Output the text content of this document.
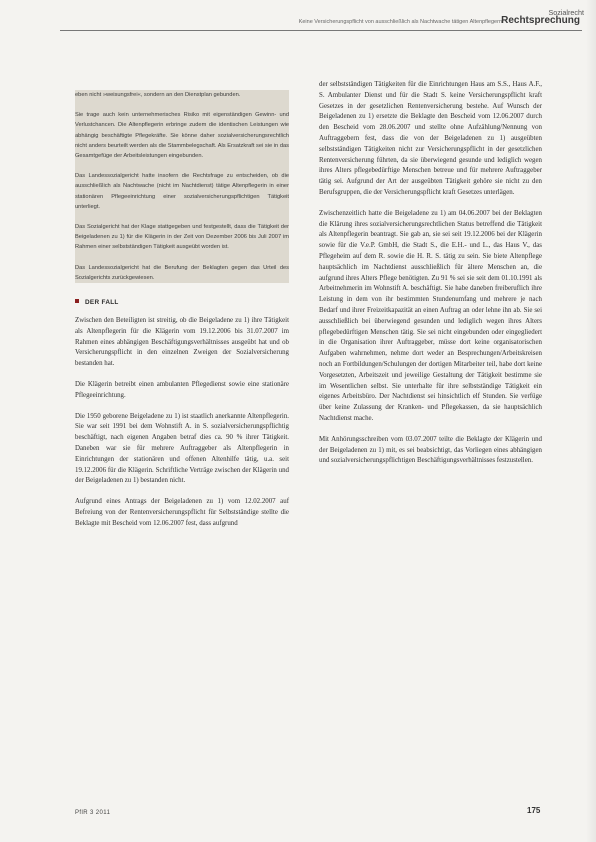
Sozialrecht
Keine Versicherungspflicht von ausschließlich als Nachtwache tätigen Altenpflegern Rechtsprechung

eben nicht »weisungsfrei«, sondern an den Dienstplan gebunden.

Sie trage auch kein unternehmerisches Risiko mit eigenständigen Gewinn- und Verlustchancen. Die Altenpflegerin erbringe zudem die identischen Leistungen wie abhängig beschäftigte Pflegekräfte. Sie könne daher sozialversicherungsrechtlich nicht anders beurteilt werden als die Stammbelegschaft. Als Ersatzkraft sei sie in das Gesamtgefüge der Arbeitsleistungen eingebunden.

Das Landessozialgericht hatte insofern die Rechtsfrage zu entscheiden, ob die ausschließlich als Nachtwache (nicht im Nachtdienst) tätige Altenpflegerin in einer stationären Pflegeeinrichtung einer sozialversicherungspflichtigen Tätigkeit unterliegt.

Das Sozialgericht hat der Klage stattgegeben und festgestellt, dass die Tätigkeit der Beigeladenen zu 1) für die Klägerin in der Zeit von Dezember 2006 bis Juli 2007 im Rahmen einer selbstständigen Tätigkeit ausgeübt worden ist.

Das Landessozialgericht hat die Berufung der Beklagten gegen das Urteil des Sozialgerichts zurückgewiesen.

DER FALL

Zwischen den Beteiligten ist streitig, ob die Beigeladene zu 1) ihre Tätigkeit als Altenpflegerin für die Klägerin vom 19.12.2006 bis 31.07.2007 im Rahmen eines abhängigen Beschäftigungsverhältnisses ausgeübt hat und ob Versicherungspflicht in den einzelnen Zweigen der Sozialversicherung bestanden hat.

Die Klägerin betreibt einen ambulanten Pflegedienst sowie eine stationäre Pflegeeinrichtung.

Die 1950 geborene Beigeladene zu 1) ist staatlich anerkannte Altenpflegerin. Sie war seit 1991 bei dem Wohnstift A. in S. sozialversicherungspflichtig beschäftigt, nach eigenen Angaben betraf dies ca. 90 % ihrer Tätigkeit. Daneben war sie für mehrere Auftraggeber als Altenpflegerin in Einrichtungen der stationären und offenen Altenhilfe tätig, u.a. seit 19.12.2006 für die Klägerin. Schriftliche Verträge zwischen der Klägerin und der Beigeladenen zu 1) bestanden nicht.

Aufgrund eines Antrags der Beigeladenen zu 1) vom 12.02.2007 auf Befreiung von der Rentenversicherungspflicht für Selbstständige stellte die Beklagte mit Bescheid vom 12.06.2007 fest, dass aufgrund

der selbstständigen Tätigkeiten für die Einrichtungen Haus am S.S., Haus A.F., S. Ambulanter Dienst und für die Stadt S. keine Versicherungspflicht kraft Gesetzes in der gesetzlichen Rentenversicherung bestehe. Auf Wunsch der Beigeladenen zu 1) ersetzte die Beklagte den Bescheid vom 12.06.2007 durch den Bescheid vom 28.06.2007 und stellte ohne Aufzählung/Nennung von Auftraggebern fest, dass die von der Beigeladenen zu 1) ausgeübten selbstständigen Tätigkeiten nicht zur Versicherungspflicht in der gesetzlichen Rentenversicherung führten, da sie überwiegend gesunde und lediglich wegen ihres Alters pflegebedürftige Menschen betreue und für mehrere Auftraggeber tätig sei. Aufgrund der Art der ausgeübten Tätigkeit gehöre sie nicht zu den Berufsgruppen, die der Versicherungspflicht kraft Gesetzes unterlägen.

Zwischenzeitlich hatte die Beigeladene zu 1) am 04.06.2007 bei der Beklagten die Klärung ihres sozialversicherungsrechtlichen Status betreffend die Tätigkeit als Altenpflegerin beantragt. Sie gab an, sie sei seit 19.12.2006 bei der Klägerin sowie für die V.e.P. GmbH, die Stadt S., die E.H.- und L., das Haus V., das Pflegeheim auf dem R. sowie die H. R. S. tätig zu sein. Sie biete Altenpflege hauptsächlich im Nachtdienst ausschließlich für ältere Menschen an, die aufgrund ihres Alters Pflege benötigten. Zu 91 % sei sie seit dem 01.10.1991 als Arbeitnehmerin im Wohnstift A. beschäftigt. Sie habe daneben freiberuflich ihre Leistung in dem von ihr bestimmten Stundenumfang und mehrere je nach Bedarf und ihrer Freizeitkapazität an einen Auftrag an oder lehne ihn ab. Sie sei ausschließlich bei überwiegend gesunden und lediglich wegen ihres Alters pflegebedürftigen Menschen tätig. Sie sei nicht eingebunden oder eingegliedert in die Organisation ihrer Auftraggeber, müsse dort keine organisatorischen Aufgaben wahrnehmen, nehme dort weder an Besprechungen/Arbeitskreisen noch an Fortbildungen/Schulungen der dortigen Mitarbeiter teil, habe dort keine Vorgesetzten, Arbeitszeit und jeweilige Gestaltung der Tätigkeit bestimme sie im Wesentlichen selbst. Sie unterhalte für ihre selbstständige Tätigkeit ein eigenes Arbeitsbüro. Der Nachtdienst sei hinsichtlich elf Stunden. Sie verfüge über keine Zulassung der Kranken- und Pflegekassen, da sie hauptsächlich Nachtdienst mache.

Mit Anhörungsschreiben vom 03.07.2007 teilte die Beklagte der Klägerin und der Beigeladenen zu 1) mit, es sei beabsichtigt, das Vorliegen eines abhängigen und sozialversicherungspflichtigen Beschäftigungsverhältnisses festzustellen.

PflR 3 2011	175
